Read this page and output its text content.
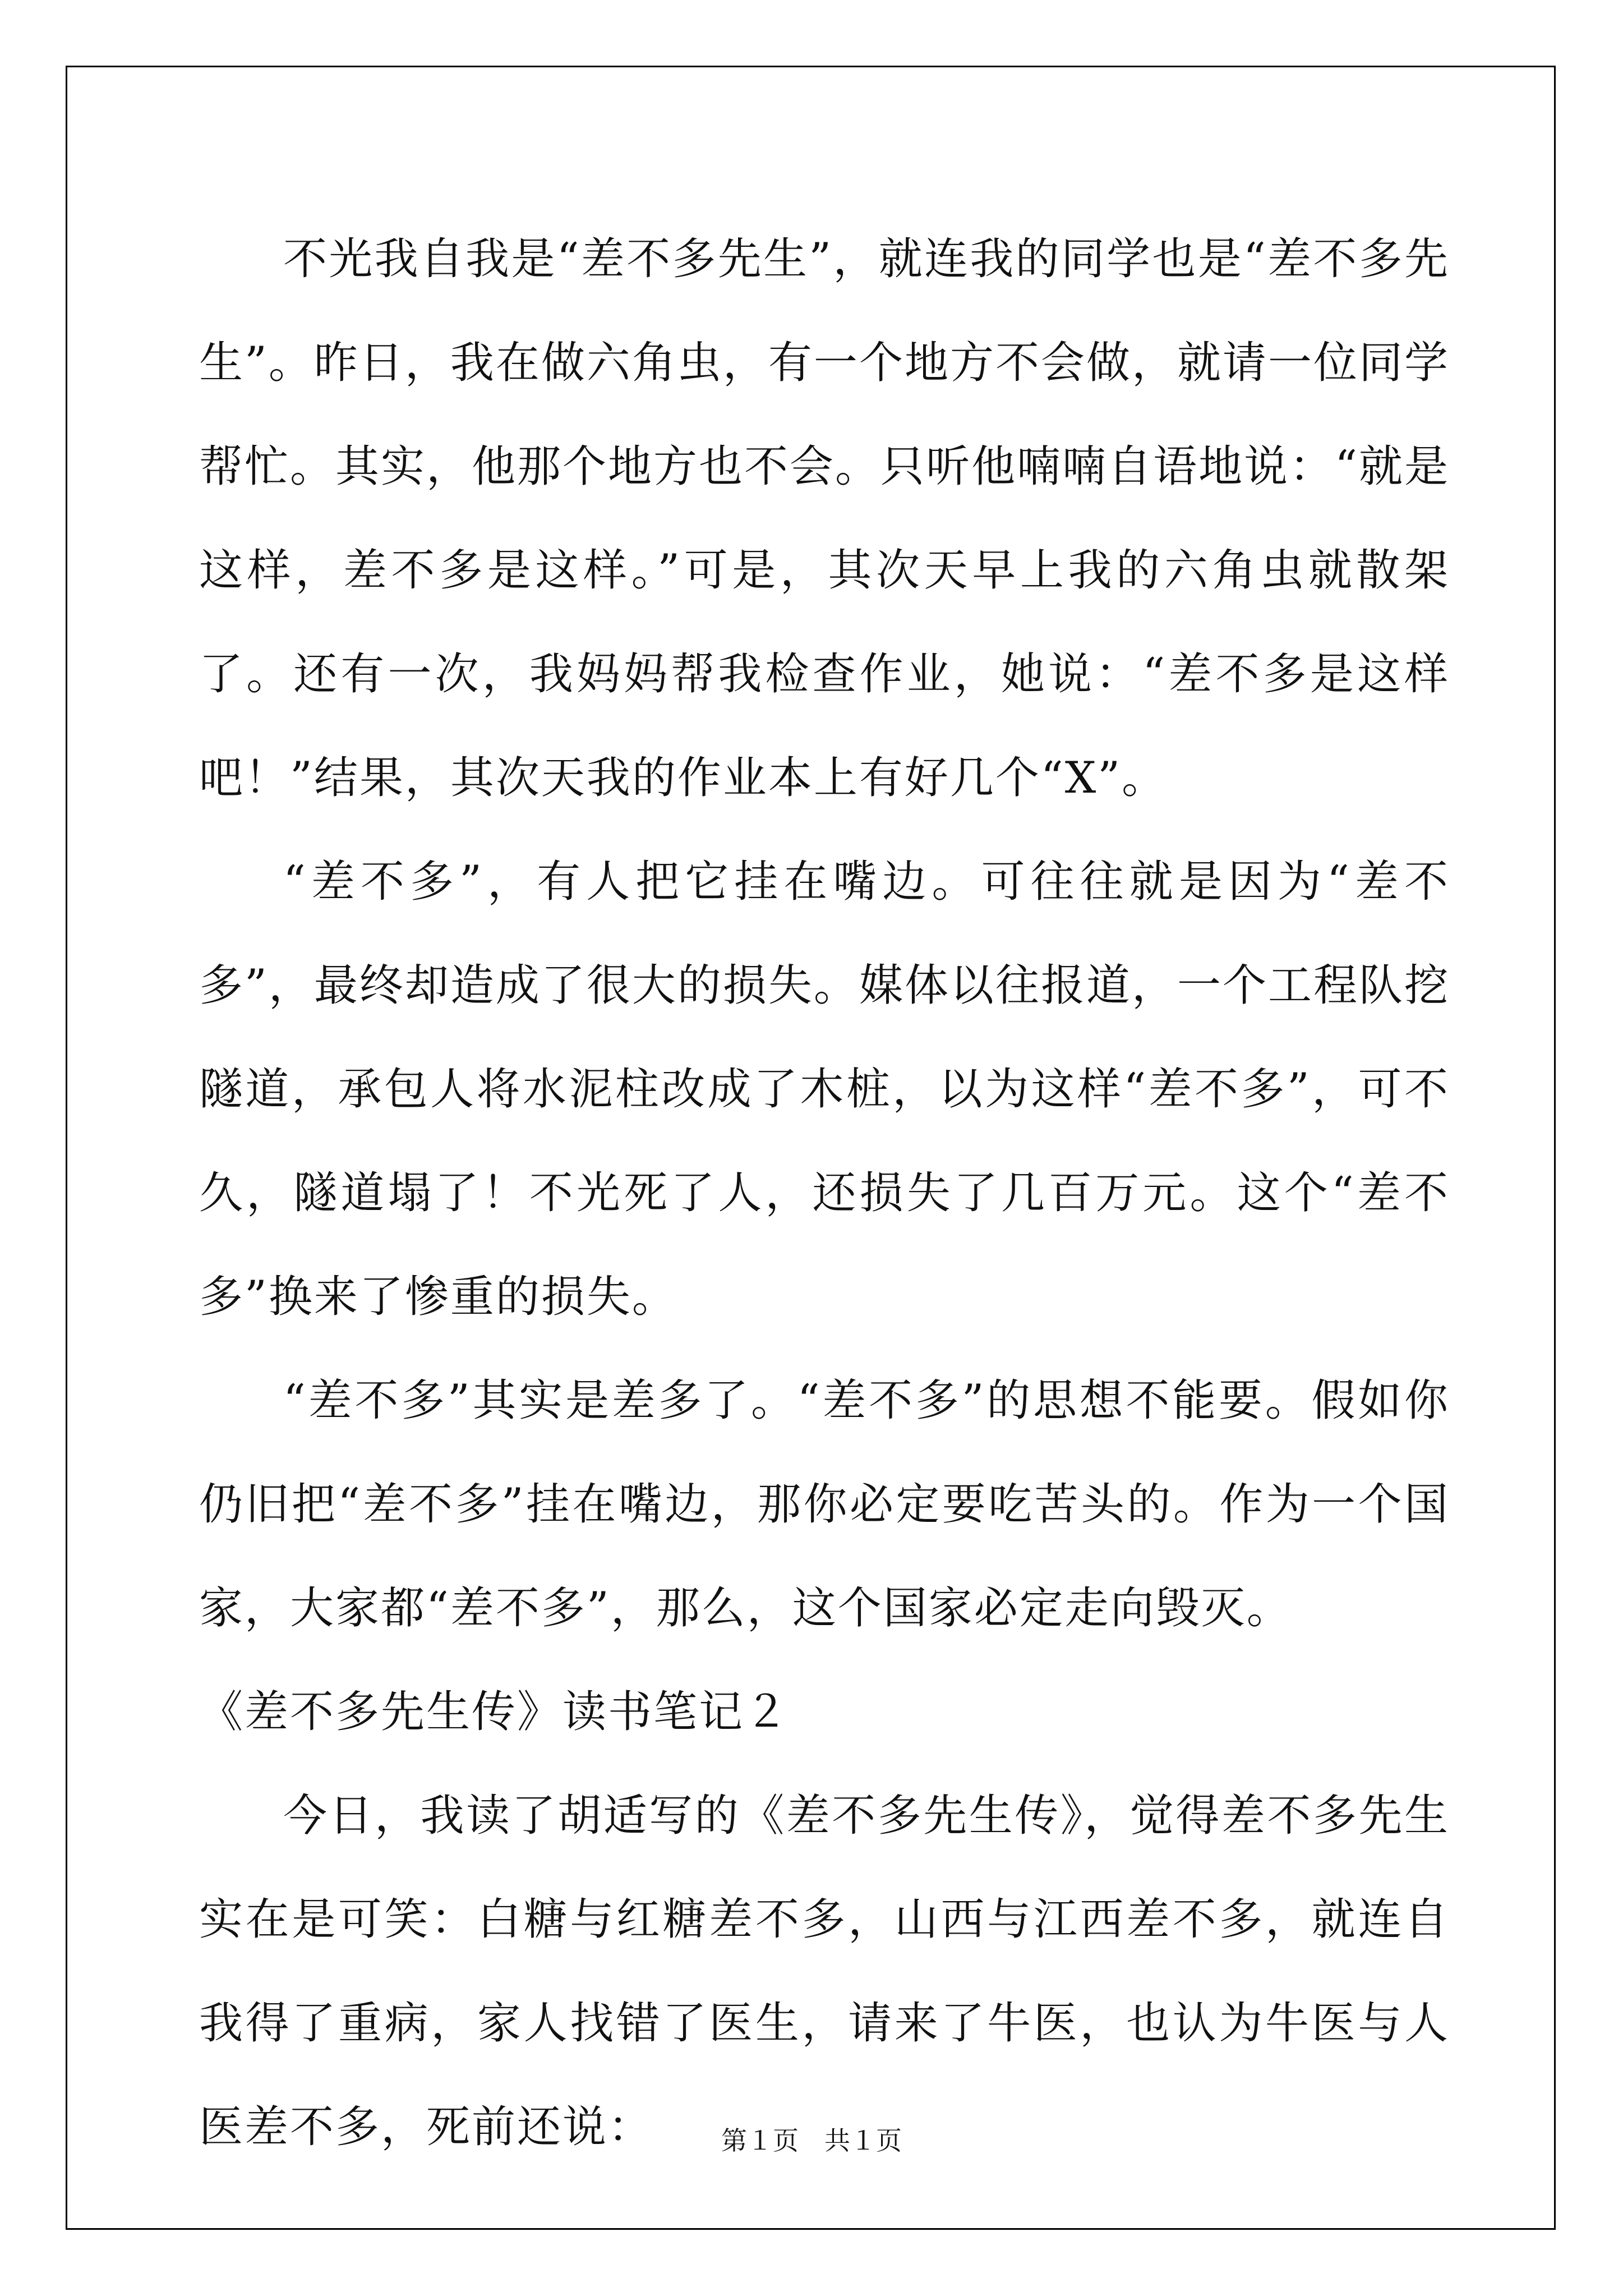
不光我自我是“差不多先生”，就连我的同学也是“差不多先生”。昨日，我在做六角虫，有一个地方不会做，就请一位同学帮忙。其实，他那个地方也不会。只听他喃喃自语地说：“就是这样，差不多是这样。”可是，其次天早上我的六角虫就散架了。还有一次，我妈妈帮我检查作业，她说：“差不多是这样吧！”结果，其次天我的作业本上有好几个“X”。

“差不多”，有人把它挂在嘴边。可往往就是因为“差不多”，最终却造成了很大的损失。媒体以往报道，一个工程队挖隧道，承包人将水泥柱改成了木桩，以为这样“差不多”，可不久，隧道塌了！不光死了人，还损失了几百万元。这个“差不多”换来了惨重的损失。

“差不多”其实是差多了。“差不多”的思想不能要。假如你仍旧把“差不多”挂在嘴边，那你必定要吃苦头的。作为一个国家，大家都“差不多”，那么，这个国家必定走向毁灭。

《差不多先生传》读书笔记２

今日，我读了胡适写的《差不多先生传》，觉得差不多先生实在是可笑：白糖与红糖差不多，山西与江西差不多，就连自我得了重病，家人找错了医生，请来了牛医，也认为牛医与人医差不多，死前还说：	第１页　共１页
